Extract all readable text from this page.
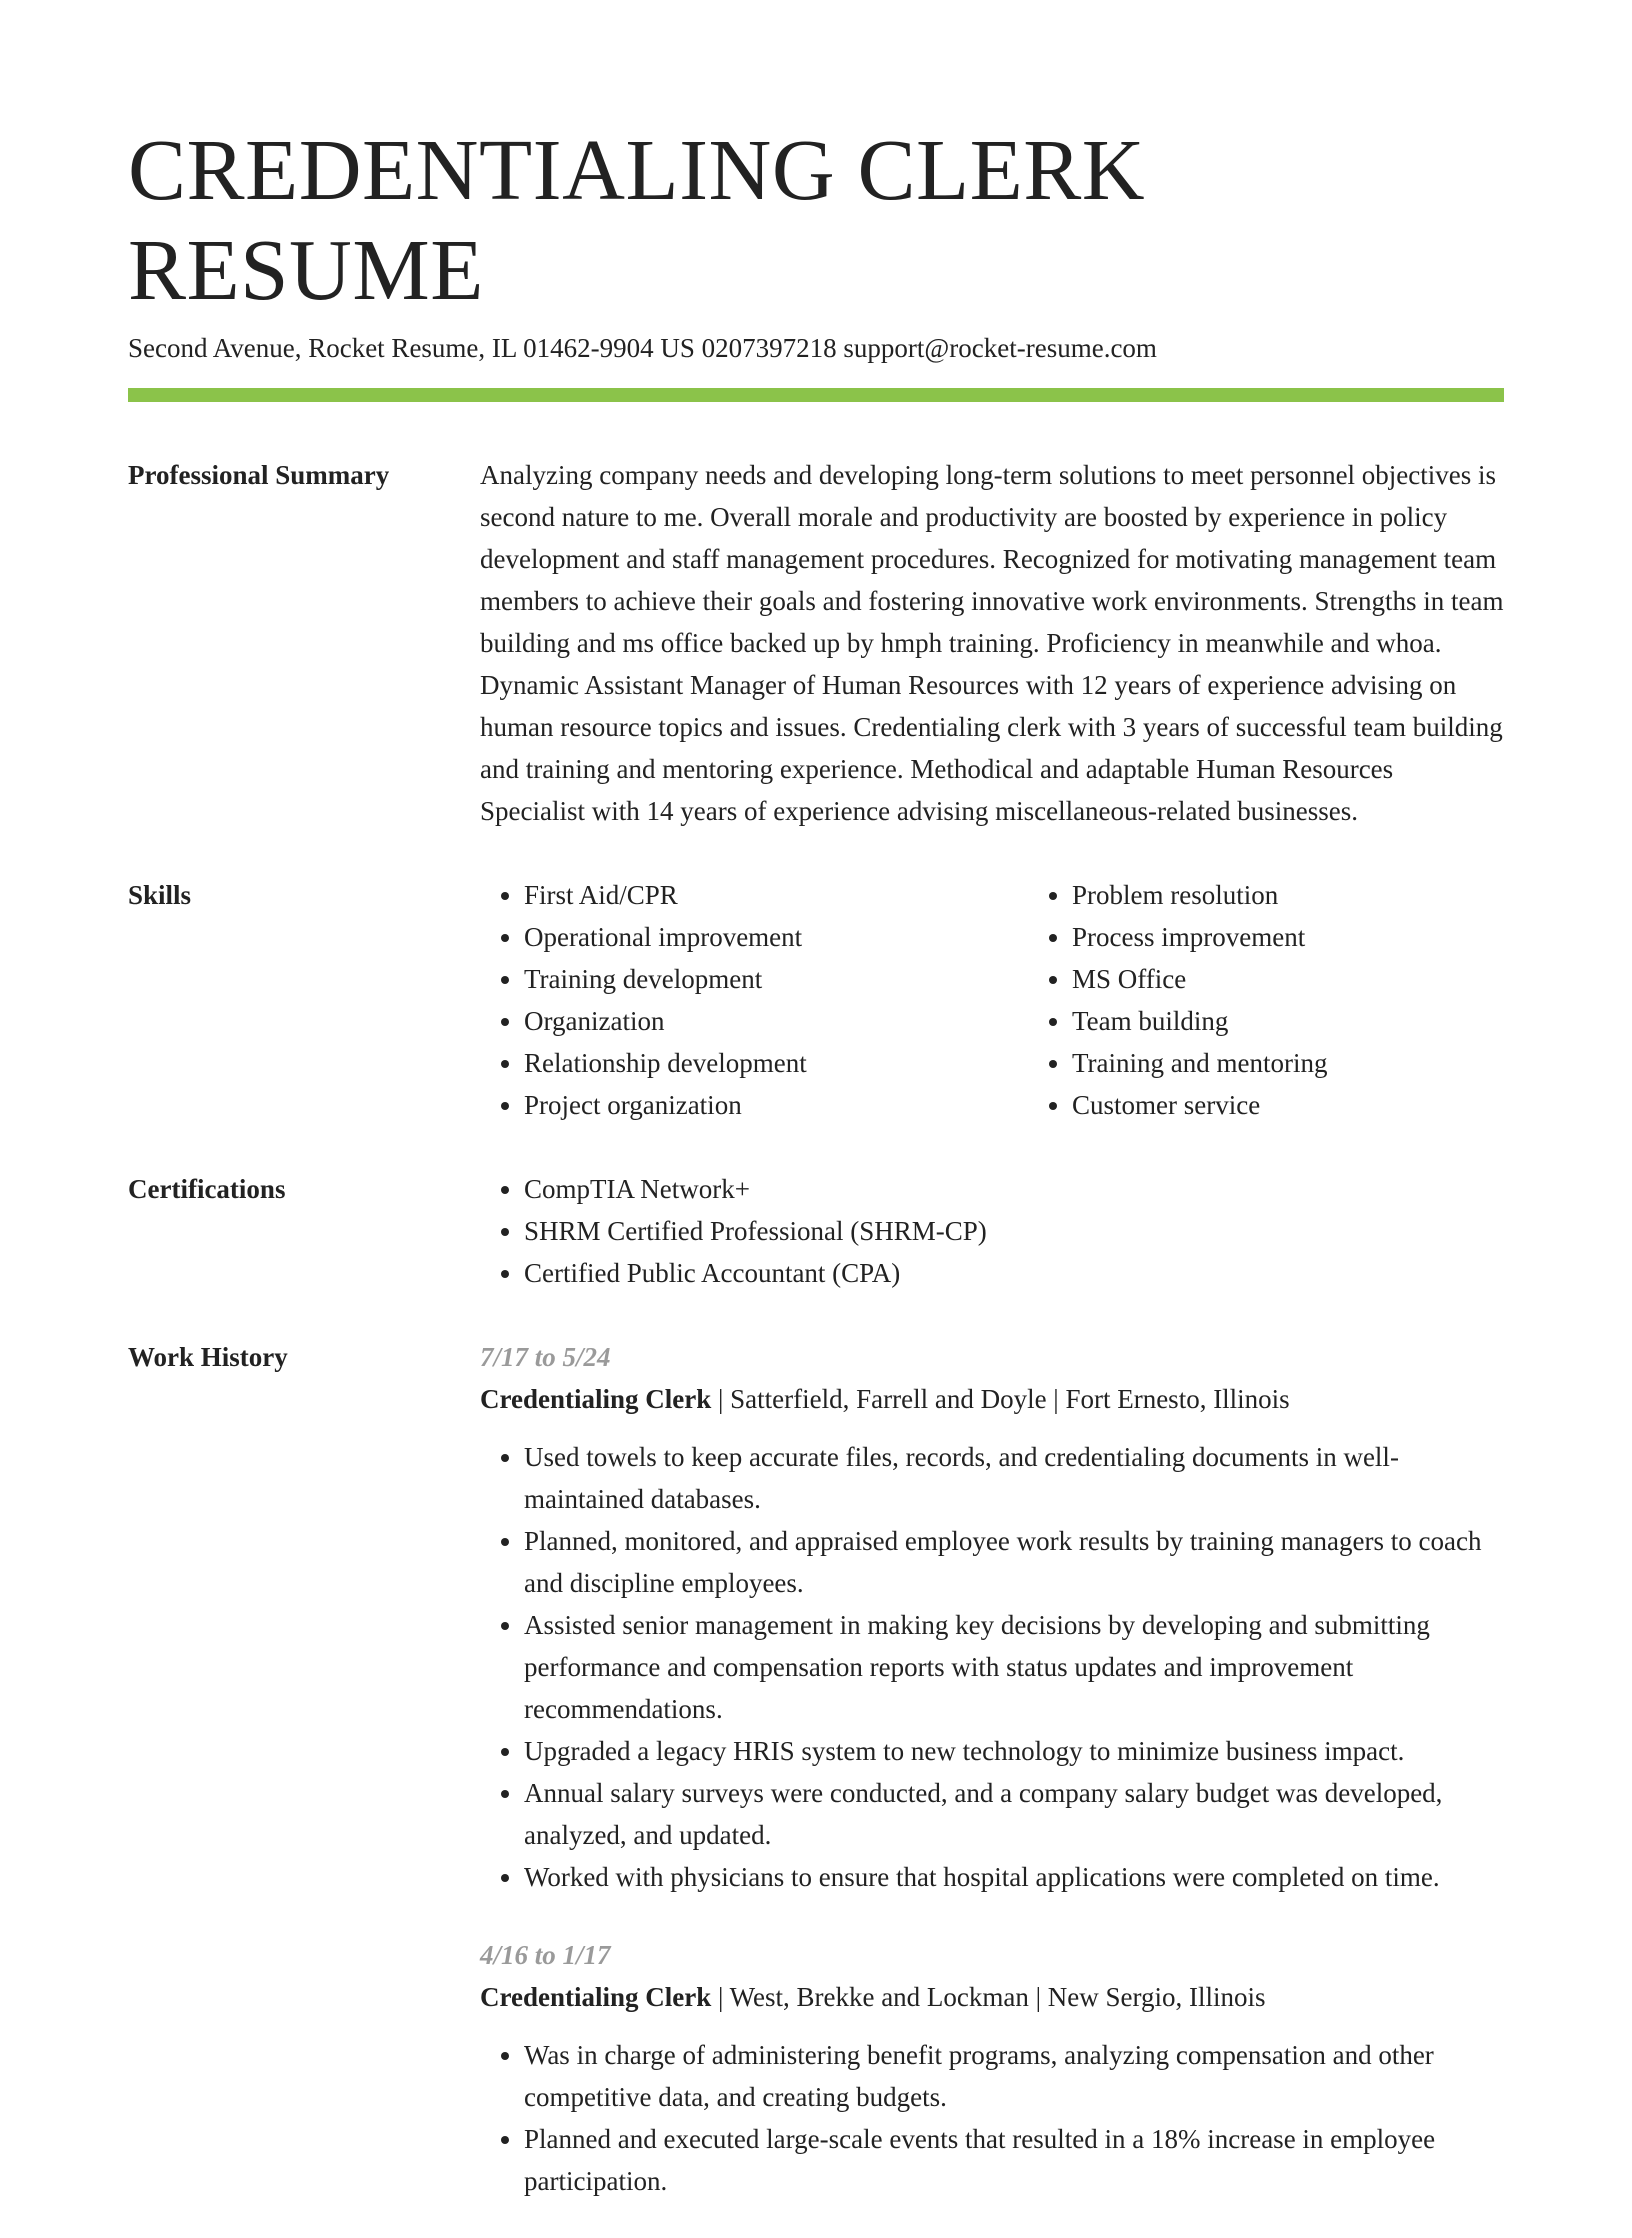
CREDENTIALING CLERK RESUME
Second Avenue, Rocket Resume, IL 01462-9904 US 0207397218 support@rocket-resume.com
Professional Summary	Analyzing company needs and developing long-term solutions to meet personnel objectives is second nature to me. Overall morale and productivity are boosted by experience in policy development and staff management procedures. Recognized for motivating management team members to achieve their goals and fostering innovative work environments. Strengths in team building and ms office backed up by hmph training. Proficiency in meanwhile and whoa. Dynamic Assistant Manager of Human Resources with 12 years of experience advising on human resource topics and issues. Credentialing clerk with 3 years of successful team building and training and mentoring experience. Methodical and adaptable Human Resources Specialist with 14 years of experience advising miscellaneous-related businesses.

Skills	• First Aid/CPR
• Operational improvement
• Training development
• Organization
• Relationship development
• Project organization
• Problem resolution
• Process improvement
• MS Office
• Team building
• Training and mentoring
• Customer service
Certifications	• CompTIA Network+
• SHRM Certified Professional (SHRM-CP)
• Certified Public Accountant (CPA)
Work History	7/17 to 5/24
Credentialing Clerk | Satterfield, Farrell and Doyle | Fort Ernesto, Illinois
• Used towels to keep accurate files, records, and credentialing documents in well-maintained databases.
• Planned, monitored, and appraised employee work results by training managers to coach and discipline employees.
• Assisted senior management in making key decisions by developing and submitting performance and compensation reports with status updates and improvement recommendations.
• Upgraded a legacy HRIS system to new technology to minimize business impact.
• Annual salary surveys were conducted, and a company salary budget was developed, analyzed, and updated.
• Worked with physicians to ensure that hospital applications were completed on time.
4/16 to 1/17
Credentialing Clerk | West, Brekke and Lockman | New Sergio, Illinois
• Was in charge of administering benefit programs, analyzing compensation and other competitive data, and creating budgets.
• Planned and executed large-scale events that resulted in a 18% increase in employee participation.
